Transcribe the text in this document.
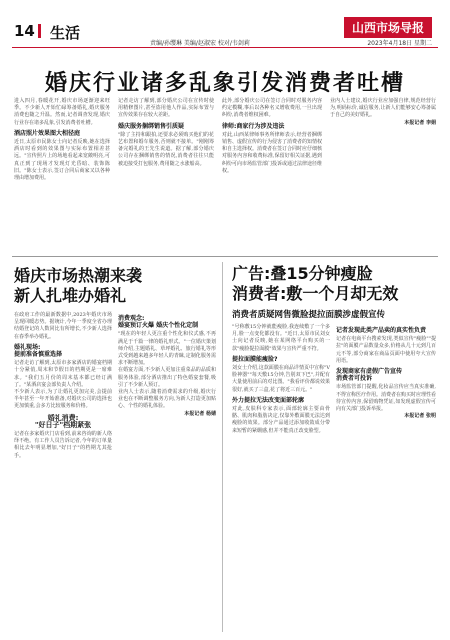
14 生活	山西市场导报
责编/孙缨琳 美编/赵淑宏 校对/韦剑莉	2023年4月18日 星期二
婚庆行业诸多乱象引发消费者吐槽
进入四月,春暖花开,婚庆市场逐渐迎来旺季。不少新人开始忙碌筹备婚礼,婚庆服务消费也随之升温。然而,记者调查发现,婚庆行业存在诸多乱象,引发消费者吐槽。
酒店照片效果图大相径庭
近日,太原市民陈女士向记者反映,她在选择酒店时看到的效果图与实际布置相差甚远。"宣传照片上的场地看起来宽敞明亮,可真正到了现场才发现灯光昏暗、装饰陈旧。"陈女士表示,签订合同后商家又以各种理由增加费用。
记者走访了解到,部分婚庆公司在宣传时使用精修图片,甚至盗用他人作品,实际布置与宣传效果存在较大差距。
婚庆服务捆绑销售引质疑
"除了主持和跟拍,还要求必须购买他们的花艺布置和婚车服务,否则就不接单。"刚刚筹备完婚礼的王先生说道。据了解,部分婚庆公司存在捆绑销售的情况,消费者往往只能被迫接受打包服务,费用随之水涨船高。
此外,部分婚庆公司在签订合同时对服务内容约定模糊,事后以各种名义增收费用,一旦出现纠纷,消费者维权困难。
律师:商家行为涉及违法
对此,山西某律师事务所律师表示,经营者捆绑销售、虚假宣传的行为侵害了消费者的知情权和自主选择权。消费者在签订合同时应仔细核对服务内容和收费标准,保留好相关证据,遇到纠纷可向市场监管部门投诉或通过法律途径维权。
业内人士建议,婚庆行业应加强自律,规范经营行为,明码标价,诚信服务,让新人们能够安心筹备属于自己的美好婚礼。
本报记者 李娟
婚庆市场热潮来袭
新人扎堆办婚礼
在政府工作的最新数据中,2023年婚庆市场呈现回暖态势。据统计,今年一季度全省办理结婚登记的人数同比有所增长,不少新人选择在春季举办婚礼。
婚礼现场:
提前准备慎重选择
记者走访了解到,太原市多家酒店的婚宴档期十分紧俏,周末和节假日的档期更是一席难求。"我们五月份的周末基本都已经订满了。"某酒店宴会部负责人介绍。
不少新人表示,为了让婚礼更加完美,会提前半年甚至一年开始准备,对婚庆公司的选择也更加慎重,会多方比较服务和价格。
婚礼消费:
"好日子"档期紧张
记者在多家婚庆门店看到,前来咨询的新人络绎不绝。有工作人员告诉记者,今年的订单量相比去年明显增加,"好日子"的档期尤其抢手。
消费观念:
婚宴预订火爆 婚庆个性化定制
"现在的年轻人更注重个性化和仪式感,不再满足于千篇一律的婚礼形式。"一位婚庆策划师介绍,主题婚礼、草坪婚礼、旅行婚礼等形式受到越来越多年轻人的青睐,定制化服务需求不断增加。
在婚宴方面,不少新人更加注重菜品的品质和服务体验,部分酒店推出了特色婚宴套餐,吸引了不少新人预订。
业内人士表示,随着消费需求的升级,婚庆行业也在不断调整服务方向,为新人打造更加贴心、个性的婚礼体验。
本报记者 杨婧
广告:叠15分钟瘦脸
消费者:敷一个月却无效
消费者质疑网售微脸提拉面膜涉虚假宣传
"号称敷15分钟就能瘦脸,我连续敷了一个多月,脸一点变化都没有。"近日,太原市民刘女士向记者反映,她在某网络平台购买的一款"瘦脸提拉面膜"效果与宣传严重不符。
提拉面膜能瘦脸?
刘女士介绍,这款面膜在商品详情页中宣称"V脸神器""每天敷15分钟,告别双下巴",并配有大量使用前后的对比图。"我看评价都说效果很好,就买了三盒,花了将近三百元。"
外力提拉无法改变面部轮廓
对此,皮肤科专家表示,面部轮廓主要由骨骼、肌肉和脂肪决定,仅靠外敷面膜无法达到瘦脸的效果。部分产品通过添加收敛成分带来短暂的紧绷感,但并不能真正改变脸型。
记者发现此类产品卖的真实性负责
记者在电商平台搜索发现,类似宣传"瘦脸""提拉"的面膜产品数量众多,价格从几十元到几百元不等,部分商家在商品页面中使用夸大宣传用语。
发现商家有虚假广告宣传
消费者可投诉
市场监管部门提醒,化妆品宣传应当真实准确,不得宣称医疗作用。消费者在购买时应理性看待宣传内容,保留购物凭证,如发现虚假宣传可向有关部门投诉举报。
本报记者 张明
